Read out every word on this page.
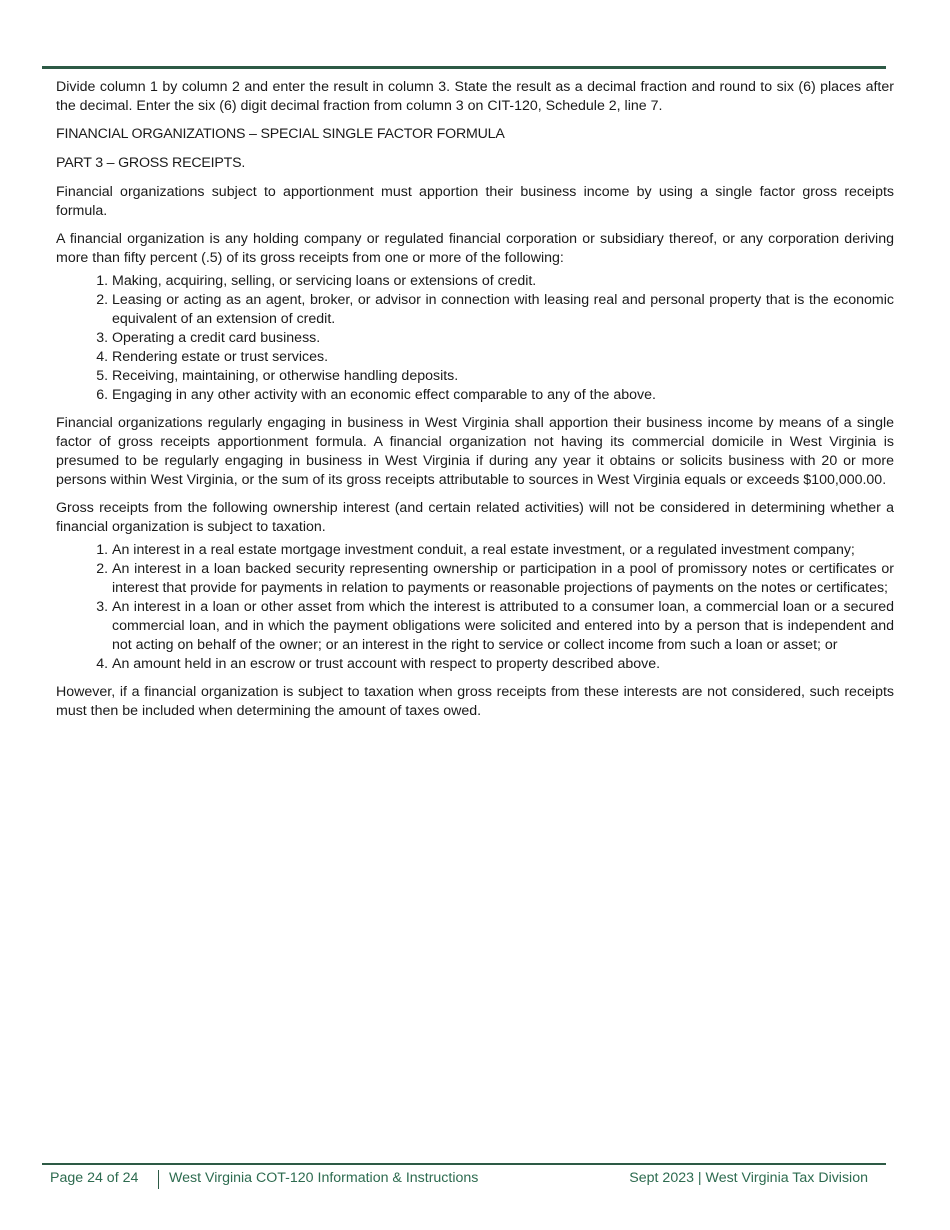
Divide column 1 by column 2 and enter the result in column 3. State the result as a decimal fraction and round to six (6) places after the decimal. Enter the six (6) digit decimal fraction from column 3 on CIT-120, Schedule 2, line 7.

FINANCIAL ORGANIZATIONS – SPECIAL SINGLE FACTOR FORMULA

PART 3 – GROSS RECEIPTS.

Financial organizations subject to apportionment must apportion their business income by using a single factor gross receipts formula.

A financial organization is any holding company or regulated financial corporation or subsidiary thereof, or any corporation deriving more than fifty percent (.5) of its gross receipts from one or more of the following:

1. Making, acquiring, selling, or servicing loans or extensions of credit.
2. Leasing or acting as an agent, broker, or advisor in connection with leasing real and personal property that is the economic equivalent of an extension of credit.
3. Operating a credit card business.
4. Rendering estate or trust services.
5. Receiving, maintaining, or otherwise handling deposits.
6. Engaging in any other activity with an economic effect comparable to any of the above.

Financial organizations regularly engaging in business in West Virginia shall apportion their business income by means of a single factor of gross receipts apportionment formula. A financial organization not having its commercial domicile in West Virginia is presumed to be regularly engaging in business in West Virginia if during any year it obtains or solicits business with 20 or more persons within West Virginia, or the sum of its gross receipts attributable to sources in West Virginia equals or exceeds $100,000.00.

Gross receipts from the following ownership interest (and certain related activities) will not be considered in determining whether a financial organization is subject to taxation.

1. An interest in a real estate mortgage investment conduit, a real estate investment, or a regulated investment company;
2. An interest in a loan backed security representing ownership or participation in a pool of promissory notes or certificates or interest that provide for payments in relation to payments or reasonable projections of payments on the notes or certificates;
3. An interest in a loan or other asset from which the interest is attributed to a consumer loan, a commercial loan or a secured commercial loan, and in which the payment obligations were solicited and entered into by a person that is independent and not acting on behalf of the owner; or an interest in the right to service or collect income from such a loan or asset; or
4. An amount held in an escrow or trust account with respect to property described above.

However, if a financial organization is subject to taxation when gross receipts from these interests are not considered, such receipts must then be included when determining the amount of taxes owed.

Page 24 of 24 West Virginia COT-120 Information & Instructions	Sept 2023 | West Virginia Tax Division
